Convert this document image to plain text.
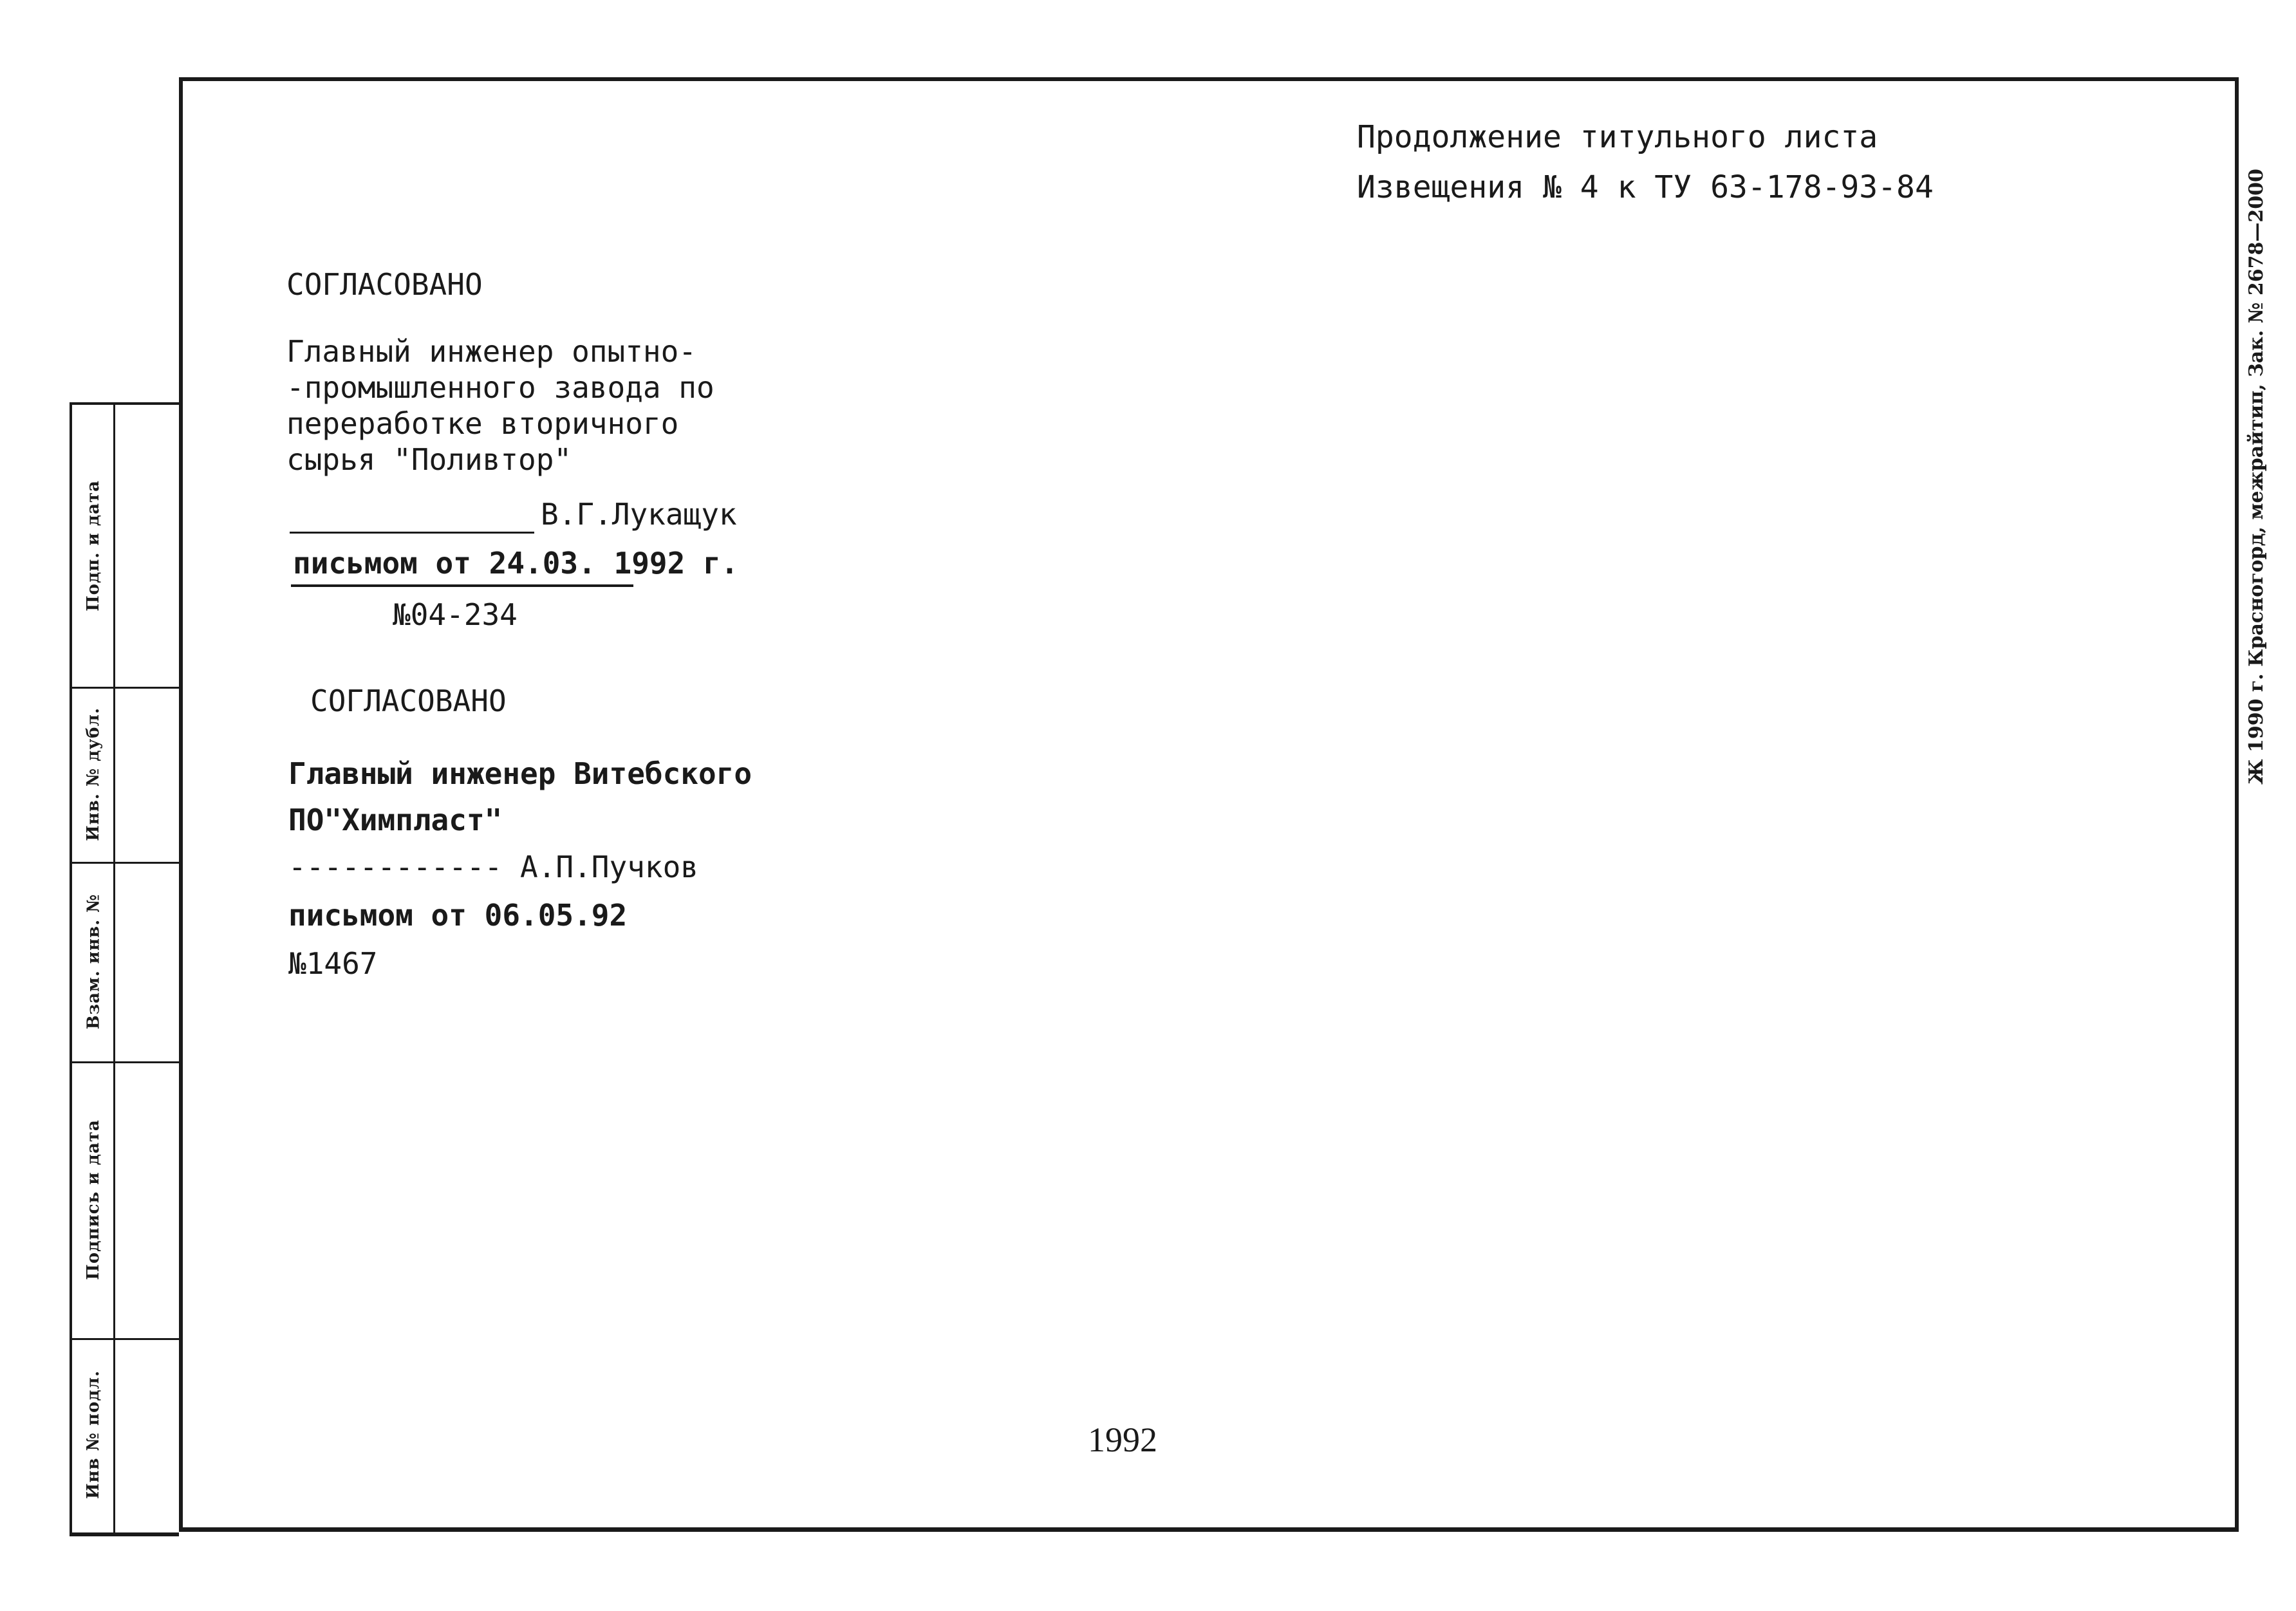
Продолжение титульного листа
Извещения № 4 к ТУ 63-178-93-84
СОГЛАСОВАНО
Главный инженер опытно-
-промышленного завода по
переработке вторичного
сырья "Поливтор"
В.Г.Лукащук
письмом от 24.03. 1992 г.
№04-234
СОГЛАСОВАНО
Главный инженер Витебского
ПО"Химпласт"
------------ А.П.Пучков
письмом от 06.05.92
№1467
1992
Подп. и дата
Инв. № дубл.
Взам. инв. №
Подпись и дата
Инв № подл.
Ж 1990 г. Красногорд, межрайтип, Зак. № 2678—2000
